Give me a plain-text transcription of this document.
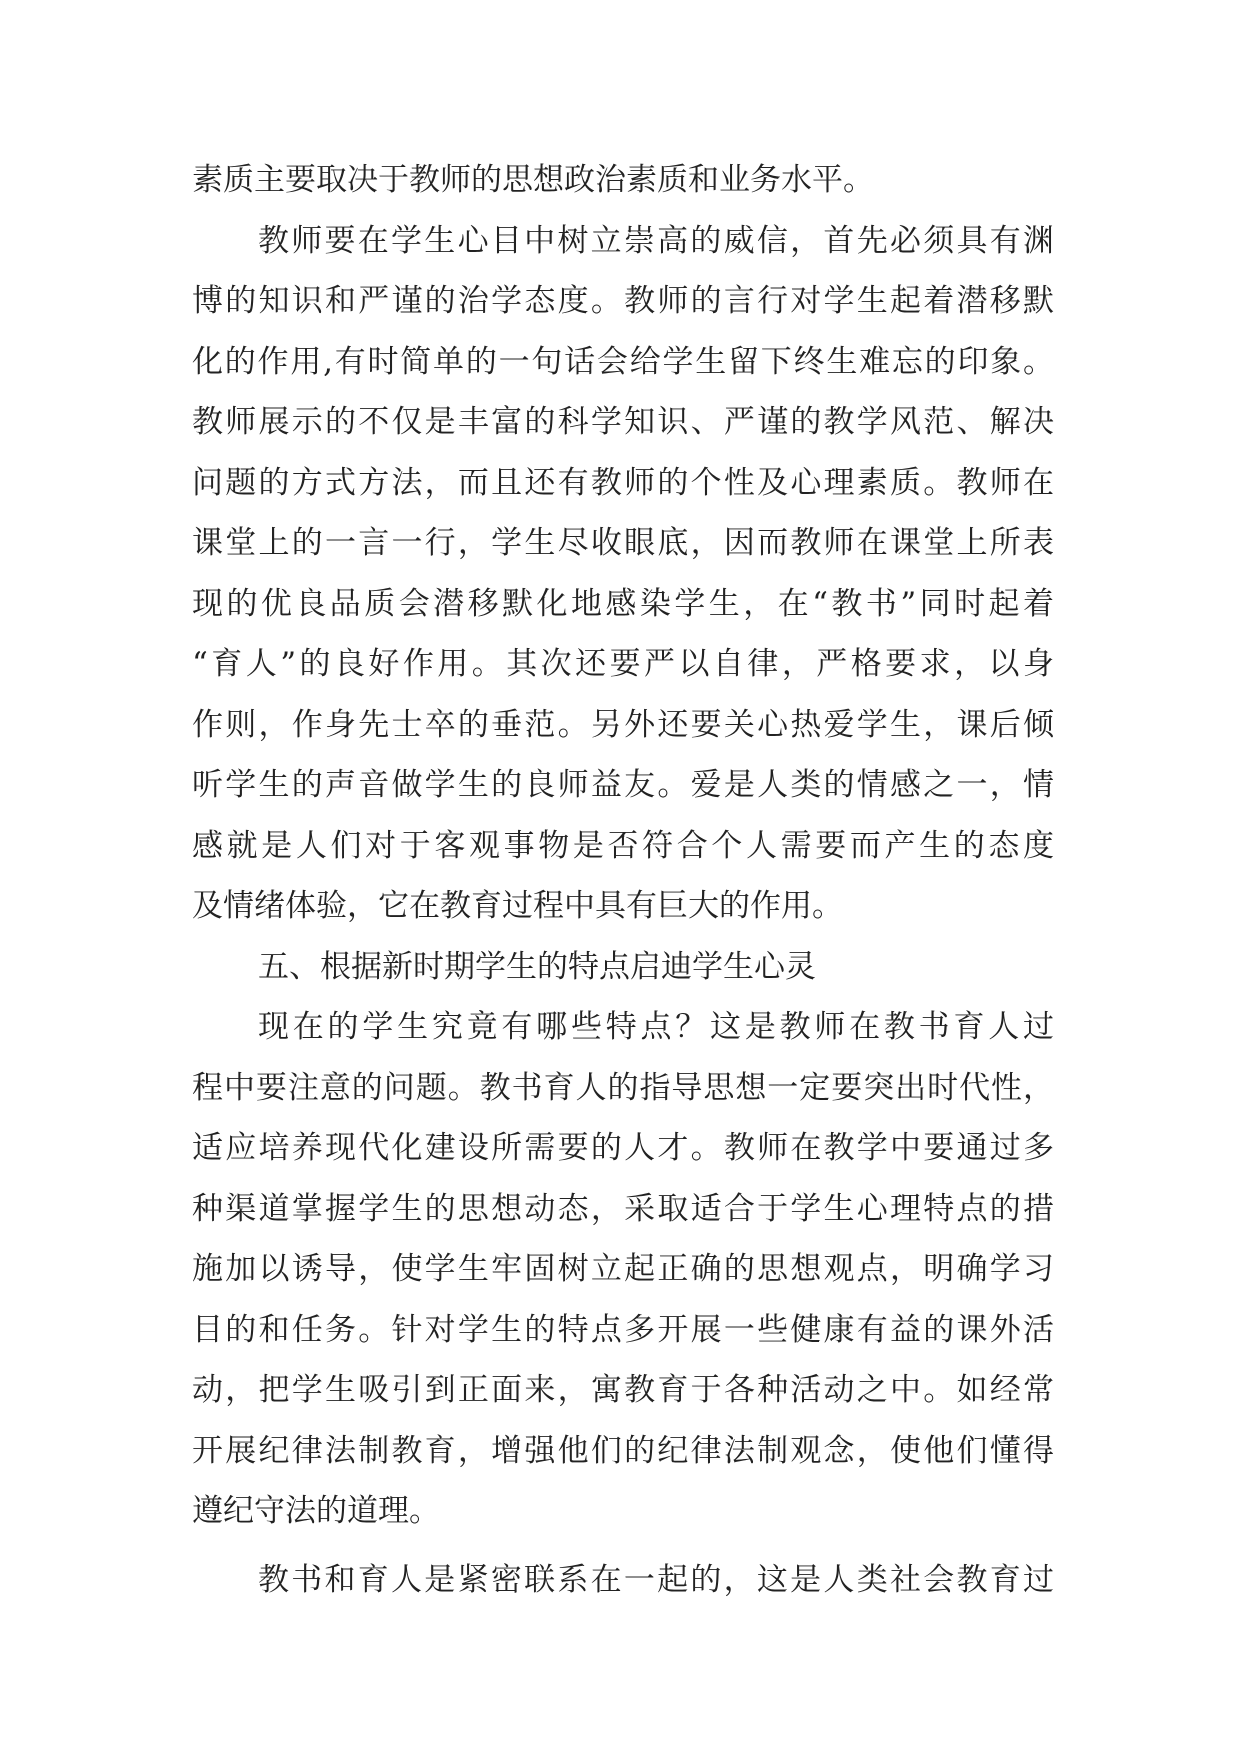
素质主要取决于教师的思想政治素质和业务水平。
教师要在学生心目中树立崇高的威信，首先必须具有渊
博的知识和严谨的治学态度。教师的言行对学生起着潜移默
化的作用,有时简单的一句话会给学生留下终生难忘的印象。
教师展示的不仅是丰富的科学知识、严谨的教学风范、解决
问题的方式方法，而且还有教师的个性及心理素质。教师在
课堂上的一言一行，学生尽收眼底，因而教师在课堂上所表
现的优良品质会潜移默化地感染学生，在“教书”同时起着
“育人”的良好作用。其次还要严以自律，严格要求，以身
作则，作身先士卒的垂范。另外还要关心热爱学生，课后倾
听学生的声音做学生的良师益友。爱是人类的情感之一，情
感就是人们对于客观事物是否符合个人需要而产生的态度
及情绪体验，它在教育过程中具有巨大的作用。
五、根据新时期学生的特点启迪学生心灵
现在的学生究竟有哪些特点？这是教师在教书育人过
程中要注意的问题。教书育人的指导思想一定要突出时代性，
适应培养现代化建设所需要的人才。教师在教学中要通过多
种渠道掌握学生的思想动态，采取适合于学生心理特点的措
施加以诱导，使学生牢固树立起正确的思想观点，明确学习
目的和任务。针对学生的特点多开展一些健康有益的课外活
动，把学生吸引到正面来，寓教育于各种活动之中。如经常
开展纪律法制教育，增强他们的纪律法制观念，使他们懂得
遵纪守法的道理。
教书和育人是紧密联系在一起的，这是人类社会教育过
